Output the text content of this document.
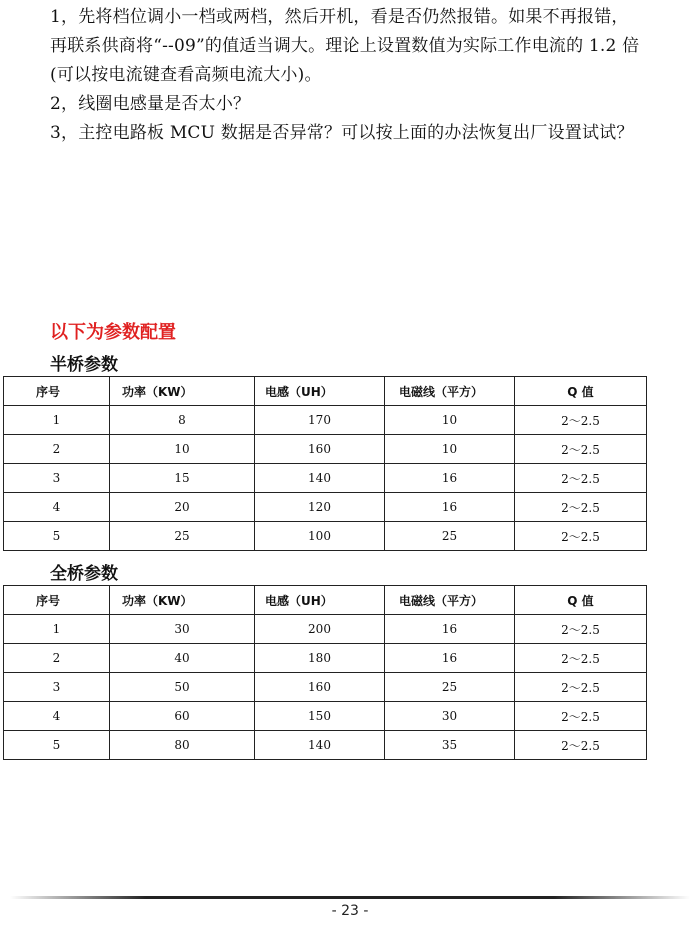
1，先将档位调小一档或两档，然后开机，看是否仍然报错。如果不再报错，再联系供商将“--09”的值适当调大。理论上设置数值为实际工作电流的 1.2 倍(可以按电流键查看高频电流大小)。
2，线圈电感量是否太小？
3，主控电路板 MCU 数据是否异常？可以按上面的办法恢复出厂设置试试？
以下为参数配置
半桥参数
序号	功率（KW）	电感（UH）	电磁线（平方）	Q 值
1	8	170	10	2～2.5
2	10	160	10	2～2.5
3	15	140	16	2～2.5
4	20	120	16	2～2.5
5	25	100	25	2～2.5
全桥参数
序号	功率（KW）	电感（UH）	电磁线（平方）	Q 值
1	30	200	16	2～2.5
2	40	180	16	2～2.5
3	50	160	25	2～2.5
4	60	150	30	2～2.5
5	80	140	35	2～2.5
- 23 -
